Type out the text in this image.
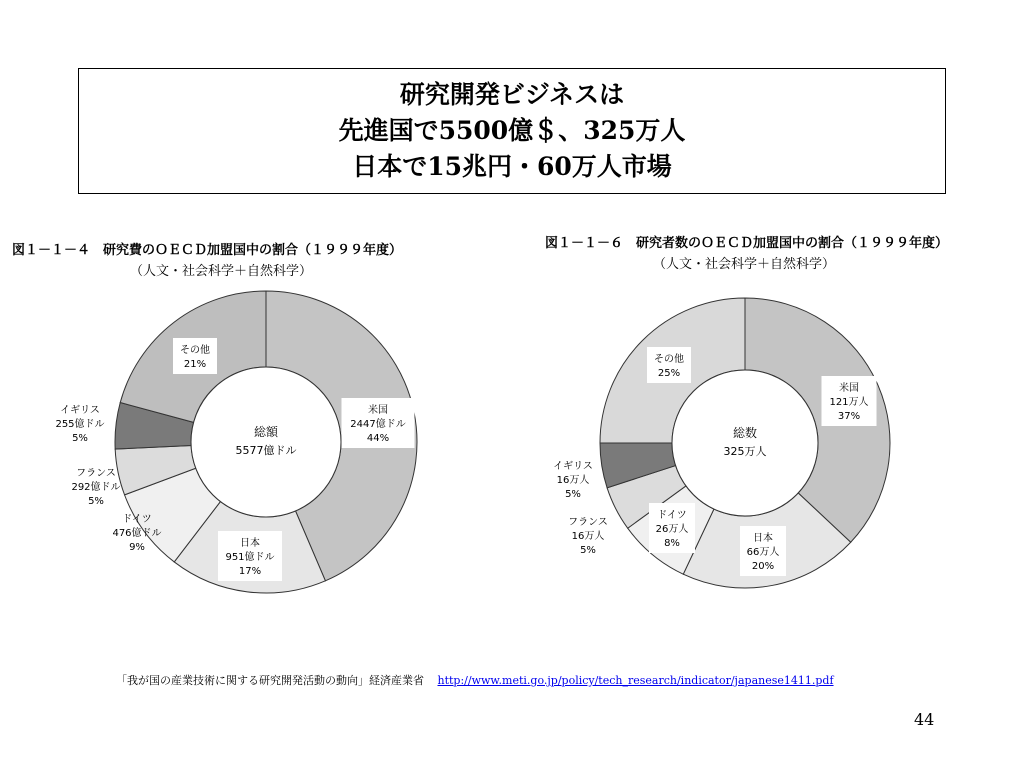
研究開発ビジネスは
先進国で5500億＄、325万人
日本で15兆円・60万人市場
図１－１－４　研究費のＯＥＣＤ加盟国中の割合（１９９９年度）
（人文・社会科学＋自然科学）
図１－１－６　研究者数のＯＥＣＤ加盟国中の割合（１９９９年度）
（人文・社会科学＋自然科学）
総額
5577億ドル
米国
2447億ドル
44%
日本
951億ドル
17%
ドイツ
476億ドル
9%
フランス
292億ドル
5%
イギリス
255億ドル
5%
その他
21%
総数
325万人
米国
121万人
37%
日本
66万人
20%
ドイツ
26万人
8%
フランス
16万人
5%
イギリス
16万人
5%
その他
25%
「我が国の産業技術に関する研究開発活動の動向」経済産業省 http://www.meti.go.jp/policy/tech_research/indicator/japanese1411.pdf
44
